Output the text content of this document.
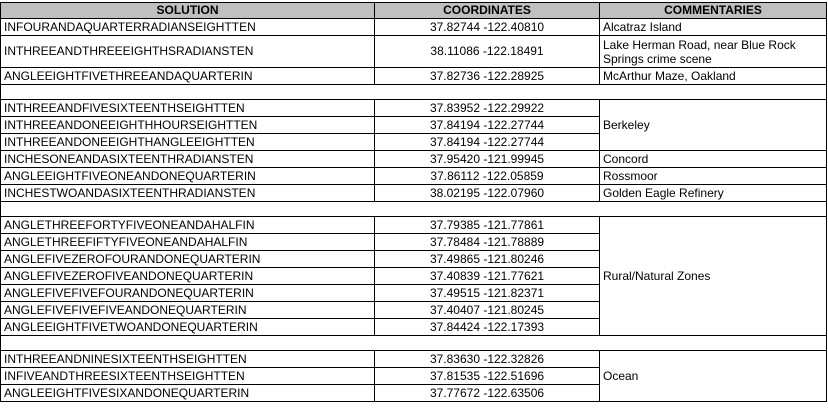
SOLUTION	COORDINATES	COMMENTARIES
INFOURANDAQUARTERRADIANSEIGHTTEN	37.82744 -122.40810	Alcatraz Island
INTHREEANDTHREEEIGHTHSRADIANSTEN	38.11086 -122.18491	Lake Herman Road, near Blue Rock Springs crime scene
ANGLEEIGHTFIVETHREEANDAQUARTERIN	37.82736 -122.28925	McArthur Maze, Oakland

INTHREEANDFIVESIXTEENTHSEIGHTTEN	37.83952 -122.29922	Berkeley
INTHREEANDONEEIGHTHHOURSEIGHTTEN	37.84194 -122.27744	
INTHREEANDONEEIGHTHANGLEEIGHTTEN	37.84194 -122.27744	
INCHESONEANDASIXTEENTHRADIANSTEN	37.95420 -121.99945	Concord
ANGLEEIGHTFIVEONEANDONEQUARTERIN	37.86112 -122.05859	Rossmoor
INCHESTWOANDASIXTEENTHRADIANSTEN	38.02195 -122.07960	Golden Eagle Refinery

ANGLETHREEFORTYFIVEONEANDAHALFIN	37.79385 -121.77861	Rural/Natural Zones
ANGLETHREEFIFTYFIVEONEANDAHALFIN	37.78484 -121.78889	
ANGLEFIVEZEROFOURANDONEQUARTERIN	37.49865 -121.80246	
ANGLEFIVEZEROFIVEANDONEQUARTERIN	37.40839 -121.77621	
ANGLEFIVEFIVEFOURANDONEQUARTERIN	37.49515 -121.82371	
ANGLEFIVEFIVEFIVEANDONEQUARTERIN	37.40407 -121.80245	
ANGLEEIGHTFIVETWOANDONEQUARTERIN	37.84424 -122.17393	

INTHREEANDNINESIXTEENTHSEIGHTTEN	37.83630 -122.32826	Ocean
INFIVEANDTHREESIXTEENTHSEIGHTTEN	37.81535 -122.51696	
ANGLEEIGHTFIVESIXANDONEQUARTERIN	37.77672 -122.63506	
